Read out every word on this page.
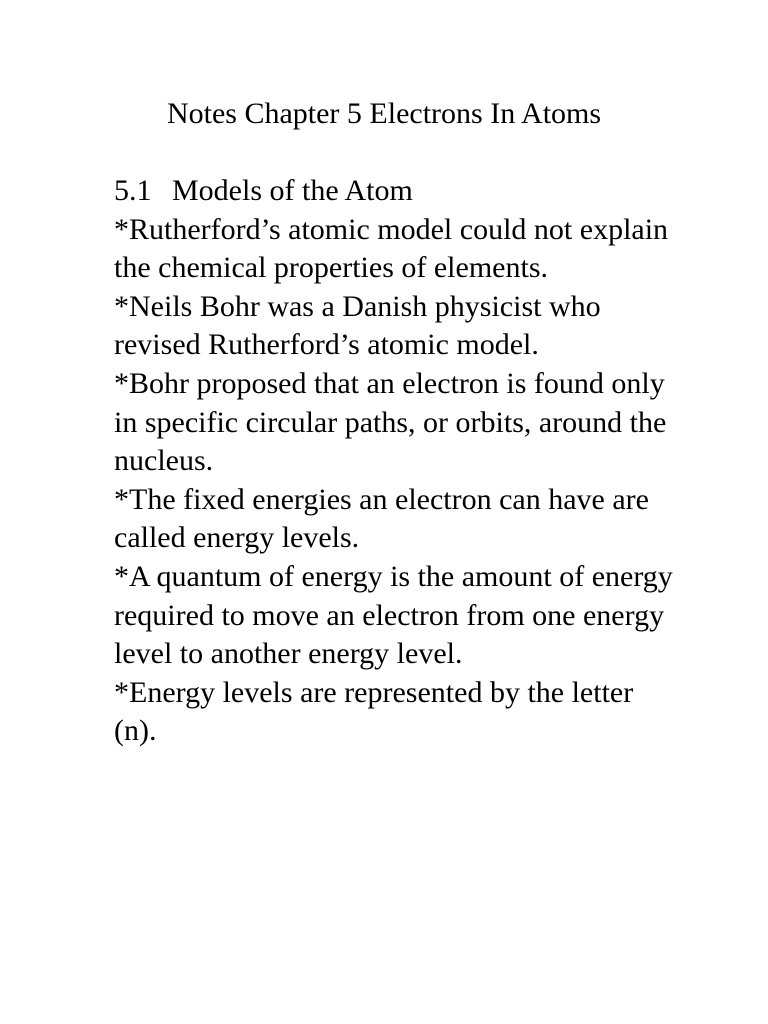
Notes Chapter 5 Electrons In Atoms
5.1 Models of the Atom

*Rutherford’s atomic model could not explain the chemical properties of elements.

*Neils Bohr was a Danish physicist who revised Rutherford’s atomic model.

*Bohr proposed that an electron is found only in specific circular paths, or orbits, around the nucleus.

*The fixed energies an electron can have are called energy levels.

*A quantum of energy is the amount of energy required to move an electron from one energy level to another energy level.

*Energy levels are represented by the letter (n).
